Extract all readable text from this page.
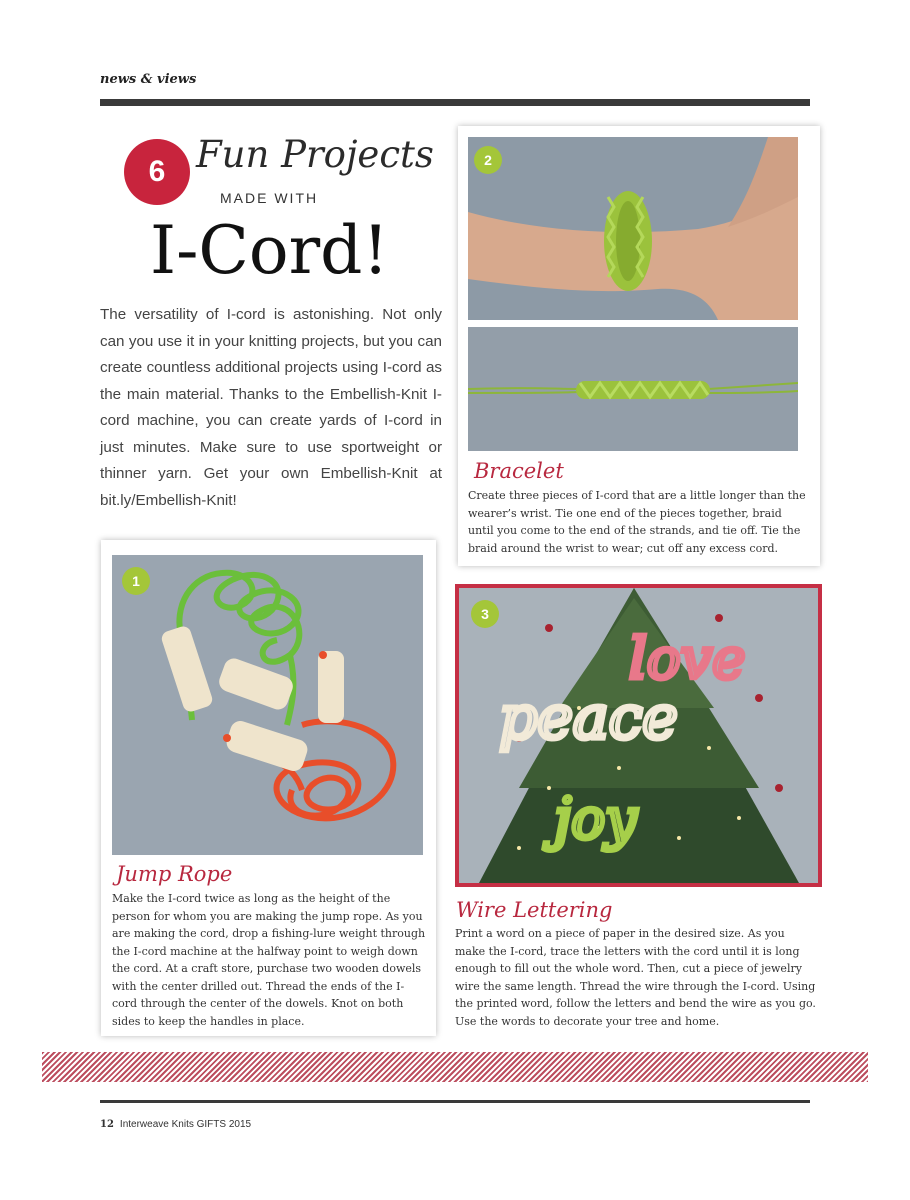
news & views
6 Fun Projects
MADE WITH
I-Cord!
The versatility of I-cord is astonishing. Not only can you use it in your knitting projects, but you can create countless additional projects using I-cord as the main material. Thanks to the Embellish-Knit I-cord machine, you can create yards of I-cord in just minutes. Make sure to use sportweight or thinner yarn. Get your own Embellish-Knit at bit.ly/Embellish-Knit!
2
Bracelet
Create three pieces of I-cord that are a little longer than the wearer’s wrist. Tie one end of the pieces together, braid until you come to the end of the strands, and tie off. Tie the braid around the wrist to wear; cut off any excess cord.
1
Jump Rope
Make the I-cord twice as long as the height of the person for whom you are making the jump rope. As you are making the cord, drop a fishing-lure weight through the I-cord machine at the halfway point to weigh down the cord. At a craft store, purchase two wooden dowels with the center drilled out. Thread the ends of the I-cord through the center of the dowels. Knot on both sides to keep the handles in place.
love
peace
joy
3
Wire Lettering
Print a word on a piece of paper in the desired size. As you make the I-cord, trace the letters with the cord until it is long enough to fill out the whole word. Then, cut a piece of jewelry wire the same length. Thread the wire through the I-cord. Using the printed word, follow the letters and bend the wire as you go. Use the words to decorate your tree and home.
12 Interweave Knits GIFTS 2015
